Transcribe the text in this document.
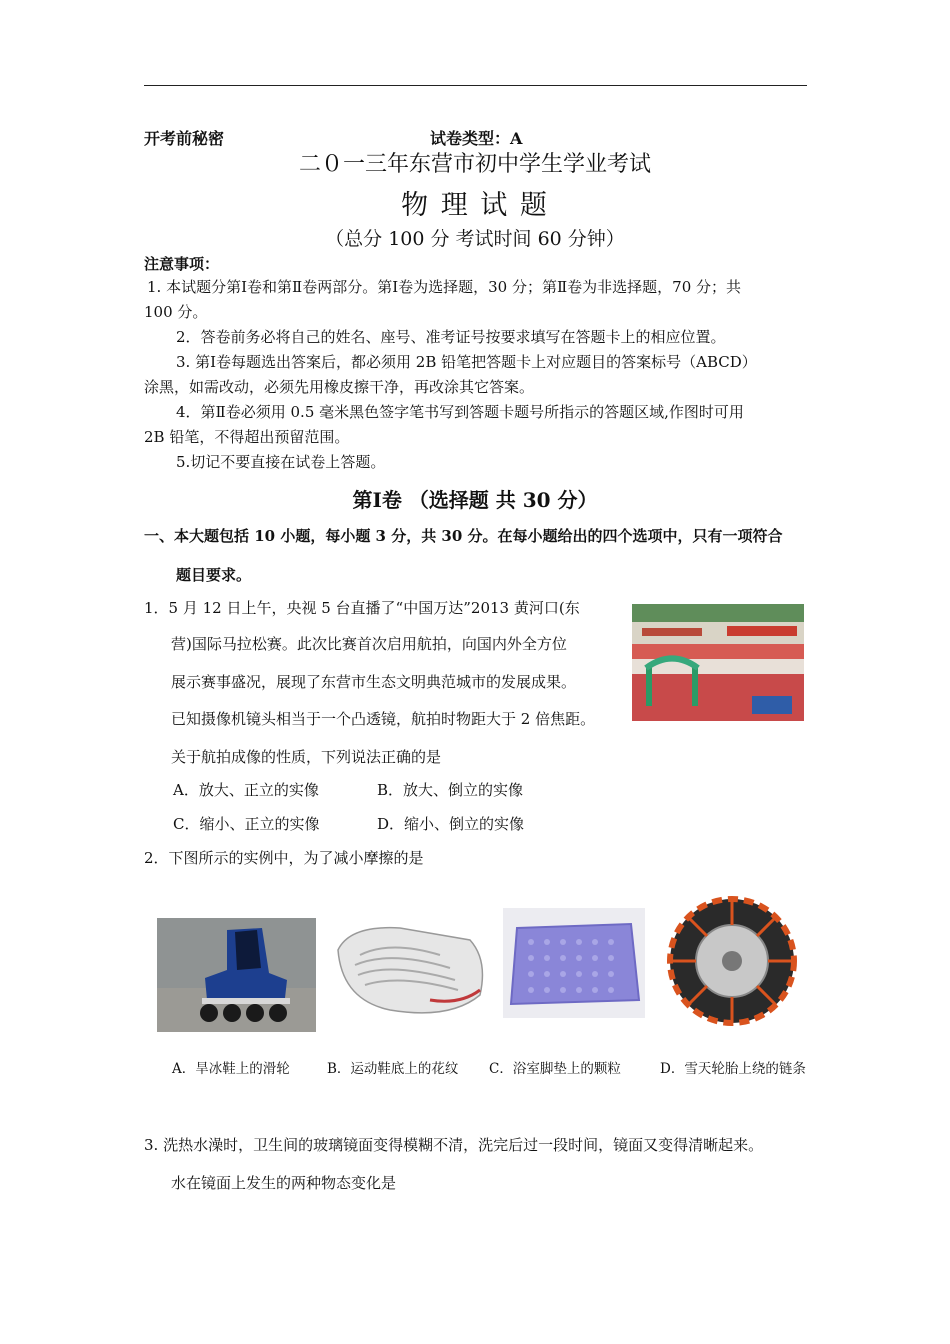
开考前秘密	试卷类型：A
二０一三年东营市初中学生学业考试
物 理 试 题
（总分 100 分 考试时间 60 分钟）
注意事项：
1. 本试题分第Ⅰ卷和第Ⅱ卷两部分。第Ⅰ卷为选择题，30 分；第Ⅱ卷为非选择题，70 分；共
100 分。
2．答卷前务必将自己的姓名、座号、准考证号按要求填写在答题卡上的相应位置。
3. 第Ⅰ卷每题选出答案后，都必须用 2B 铅笔把答题卡上对应题目的答案标号（ABCD）
涂黑，如需改动，必须先用橡皮擦干净，再改涂其它答案。
4．第Ⅱ卷必须用 0.5 毫米黑色签字笔书写到答题卡题号所指示的答题区域,作图时可用
2B 铅笔，不得超出预留范围。
5.切记不要直接在试卷上答题。
第Ⅰ卷 （选择题 共 30 分）
一、本大题包括 10 小题，每小题 3 分，共 30 分。在每小题给出的四个选项中，只有一项符合
题目要求。
1．5 月 12 日上午，央视 5 台直播了“中国万达”2013 黄河口(东
营)国际马拉松赛。此次比赛首次启用航拍，向国内外全方位
展示赛事盛况，展现了东营市生态文明典范城市的发展成果。
已知摄像机镜头相当于一个凸透镜，航拍时物距大于 2 倍焦距。
关于航拍成像的性质，下列说法正确的是
A．放大、正立的实像	B．放大、倒立的实像
C．缩小、正立的实像	D．缩小、倒立的实像
2．下图所示的实例中，为了减小摩擦的是
A．旱冰鞋上的滑轮	B．运动鞋底上的花纹 C．浴室脚垫上的颗粒	D．雪天轮胎上绕的链条
3. 洗热水澡时，卫生间的玻璃镜面变得模糊不清，洗完后过一段时间，镜面又变得清晰起来。
水在镜面上发生的两种物态变化是
